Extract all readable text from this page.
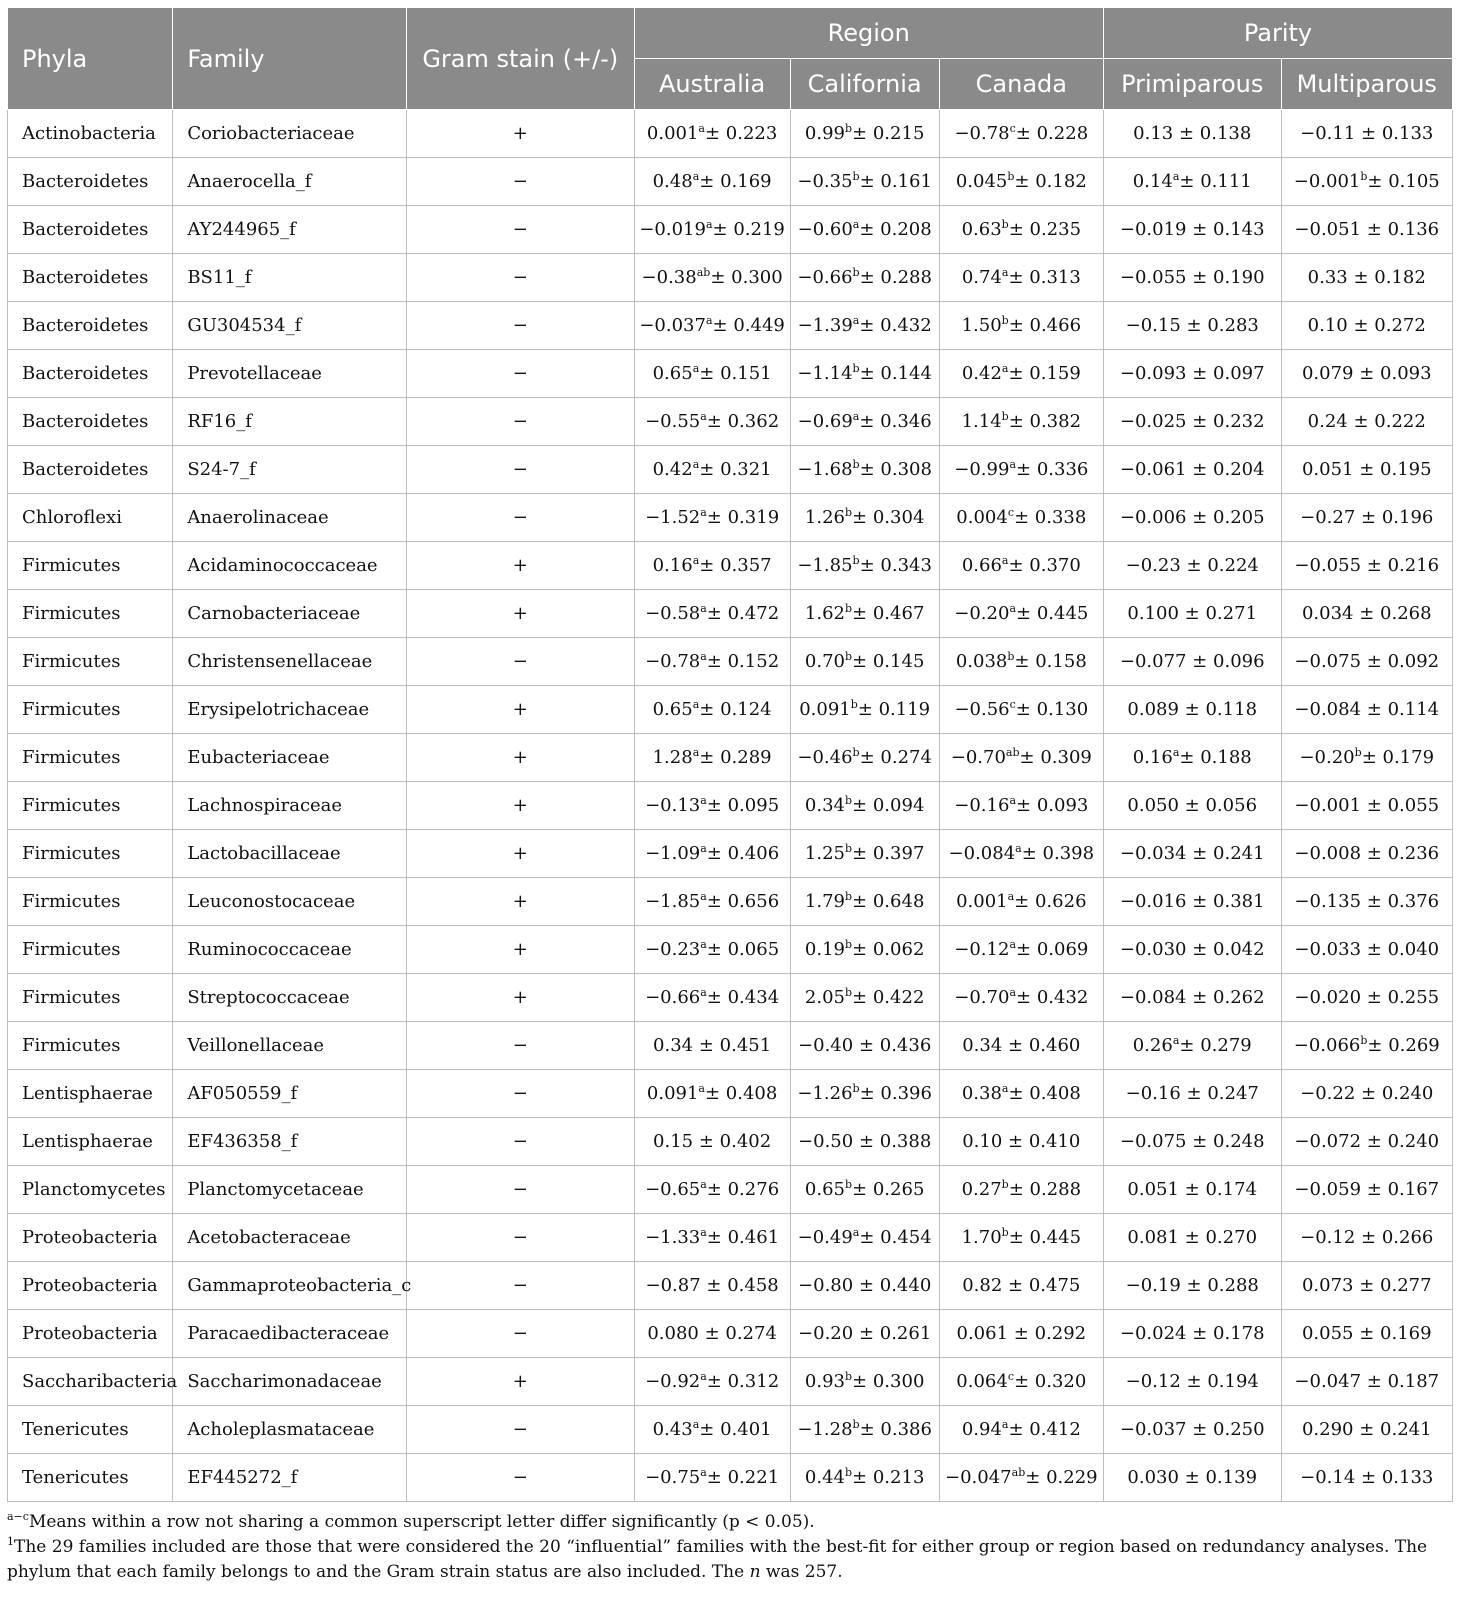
Phyla	Family	Gram stain (+/-)	Region			Parity	
			Australia	California	Canada	Primiparous	Multiparous
Actinobacteria	Coriobacteriaceae	+	0.001$^a$± 0.223	0.99$^b$± 0.215	−0.78$^c$± 0.228	0.13 ± 0.138	−0.11 ± 0.133
Bacteroidetes	Anaerocella_f	−	0.48$^a$± 0.169	−0.35$^b$± 0.161	0.045$^b$± 0.182	0.14$^a$± 0.111	−0.001$^b$± 0.105
Bacteroidetes	AY244965_f	−	−0.019$^a$± 0.219	−0.60$^a$± 0.208	0.63$^b$± 0.235	−0.019 ± 0.143	−0.051 ± 0.136
Bacteroidetes	BS11_f	−	−0.38$^{ab}$± 0.300	−0.66$^b$± 0.288	0.74$^a$± 0.313	−0.055 ± 0.190	0.33 ± 0.182
Bacteroidetes	GU304534_f	−	−0.037$^a$± 0.449	−1.39$^a$± 0.432	1.50$^b$± 0.466	−0.15 ± 0.283	0.10 ± 0.272
Bacteroidetes	Prevotellaceae	−	0.65$^a$± 0.151	−1.14$^b$± 0.144	0.42$^a$± 0.159	−0.093 ± 0.097	0.079 ± 0.093
Bacteroidetes	RF16_f	−	−0.55$^a$± 0.362	−0.69$^a$± 0.346	1.14$^b$± 0.382	−0.025 ± 0.232	0.24 ± 0.222
Bacteroidetes	S24-7_f	−	0.42$^a$± 0.321	−1.68$^b$± 0.308	−0.99$^a$± 0.336	−0.061 ± 0.204	0.051 ± 0.195
Chloroflexi	Anaerolinaceae	−	−1.52$^a$± 0.319	1.26$^b$± 0.304	0.004$^c$± 0.338	−0.006 ± 0.205	−0.27 ± 0.196
Firmicutes	Acidaminococcaceae	+	0.16$^a$± 0.357	−1.85$^b$± 0.343	0.66$^a$± 0.370	−0.23 ± 0.224	−0.055 ± 0.216
Firmicutes	Carnobacteriaceae	+	−0.58$^a$± 0.472	1.62$^b$± 0.467	−0.20$^a$± 0.445	0.100 ± 0.271	0.034 ± 0.268
Firmicutes	Christensenellaceae	−	−0.78$^a$± 0.152	0.70$^b$± 0.145	0.038$^b$± 0.158	−0.077 ± 0.096	−0.075 ± 0.092
Firmicutes	Erysipelotrichaceae	+	0.65$^a$± 0.124	0.091$^b$± 0.119	−0.56$^c$± 0.130	0.089 ± 0.118	−0.084 ± 0.114
Firmicutes	Eubacteriaceae	+	1.28$^a$± 0.289	−0.46$^b$± 0.274	−0.70$^{ab}$± 0.309	0.16$^a$± 0.188	−0.20$^b$± 0.179
Firmicutes	Lachnospiraceae	+	−0.13$^a$± 0.095	0.34$^b$± 0.094	−0.16$^a$± 0.093	0.050 ± 0.056	−0.001 ± 0.055
Firmicutes	Lactobacillaceae	+	−1.09$^a$± 0.406	1.25$^b$± 0.397	−0.084$^a$± 0.398	−0.034 ± 0.241	−0.008 ± 0.236
Firmicutes	Leuconostocaceae	+	−1.85$^a$± 0.656	1.79$^b$± 0.648	0.001$^a$± 0.626	−0.016 ± 0.381	−0.135 ± 0.376
Firmicutes	Ruminococcaceae	+	−0.23$^a$± 0.065	0.19$^b$± 0.062	−0.12$^a$± 0.069	−0.030 ± 0.042	−0.033 ± 0.040
Firmicutes	Streptococcaceae	+	−0.66$^a$± 0.434	2.05$^b$± 0.422	−0.70$^a$± 0.432	−0.084 ± 0.262	−0.020 ± 0.255
Firmicutes	Veillonellaceae	−	0.34 ± 0.451	−0.40 ± 0.436	0.34 ± 0.460	0.26$^a$± 0.279	−0.066$^b$± 0.269
Lentisphaerae	AF050559_f	−	0.091$^a$± 0.408	−1.26$^b$± 0.396	0.38$^a$± 0.408	−0.16 ± 0.247	−0.22 ± 0.240
Lentisphaerae	EF436358_f	−	0.15 ± 0.402	−0.50 ± 0.388	0.10 ± 0.410	−0.075 ± 0.248	−0.072 ± 0.240
Planctomycetes	Planctomycetaceae	−	−0.65$^a$± 0.276	0.65$^b$± 0.265	0.27$^b$± 0.288	0.051 ± 0.174	−0.059 ± 0.167
Proteobacteria	Acetobacteraceae	−	−1.33$^a$± 0.461	−0.49$^a$± 0.454	1.70$^b$± 0.445	0.081 ± 0.270	−0.12 ± 0.266
Proteobacteria	Gammaproteobacteria_c	−	−0.87 ± 0.458	−0.80 ± 0.440	0.82 ± 0.475	−0.19 ± 0.288	0.073 ± 0.277
Proteobacteria	Paracaedibacteraceae	−	0.080 ± 0.274	−0.20 ± 0.261	0.061 ± 0.292	−0.024 ± 0.178	0.055 ± 0.169
Saccharibacteria	Saccharimonadaceae	+	−0.92$^a$± 0.312	0.93$^b$± 0.300	0.064$^c$± 0.320	−0.12 ± 0.194	−0.047 ± 0.187
Tenericutes	Acholeplasmataceae	−	0.43$^a$± 0.401	−1.28$^b$± 0.386	0.94$^a$± 0.412	−0.037 ± 0.250	0.290 ± 0.241
Tenericutes	EF445272_f	−	−0.75$^a$± 0.221	0.44$^b$± 0.213	−0.047$^{ab}$± 0.229	0.030 ± 0.139	−0.14 ± 0.133

$^{a-c}$Means within a row not sharing a common superscript letter differ significantly (p < 0.05).

$^1$The 29 families included are those that were considered the 20 “influential” families with the best-fit for either group or region based on redundancy analyses. The phylum that each family belongs to and the Gram strain status are also included. The n was 257.
